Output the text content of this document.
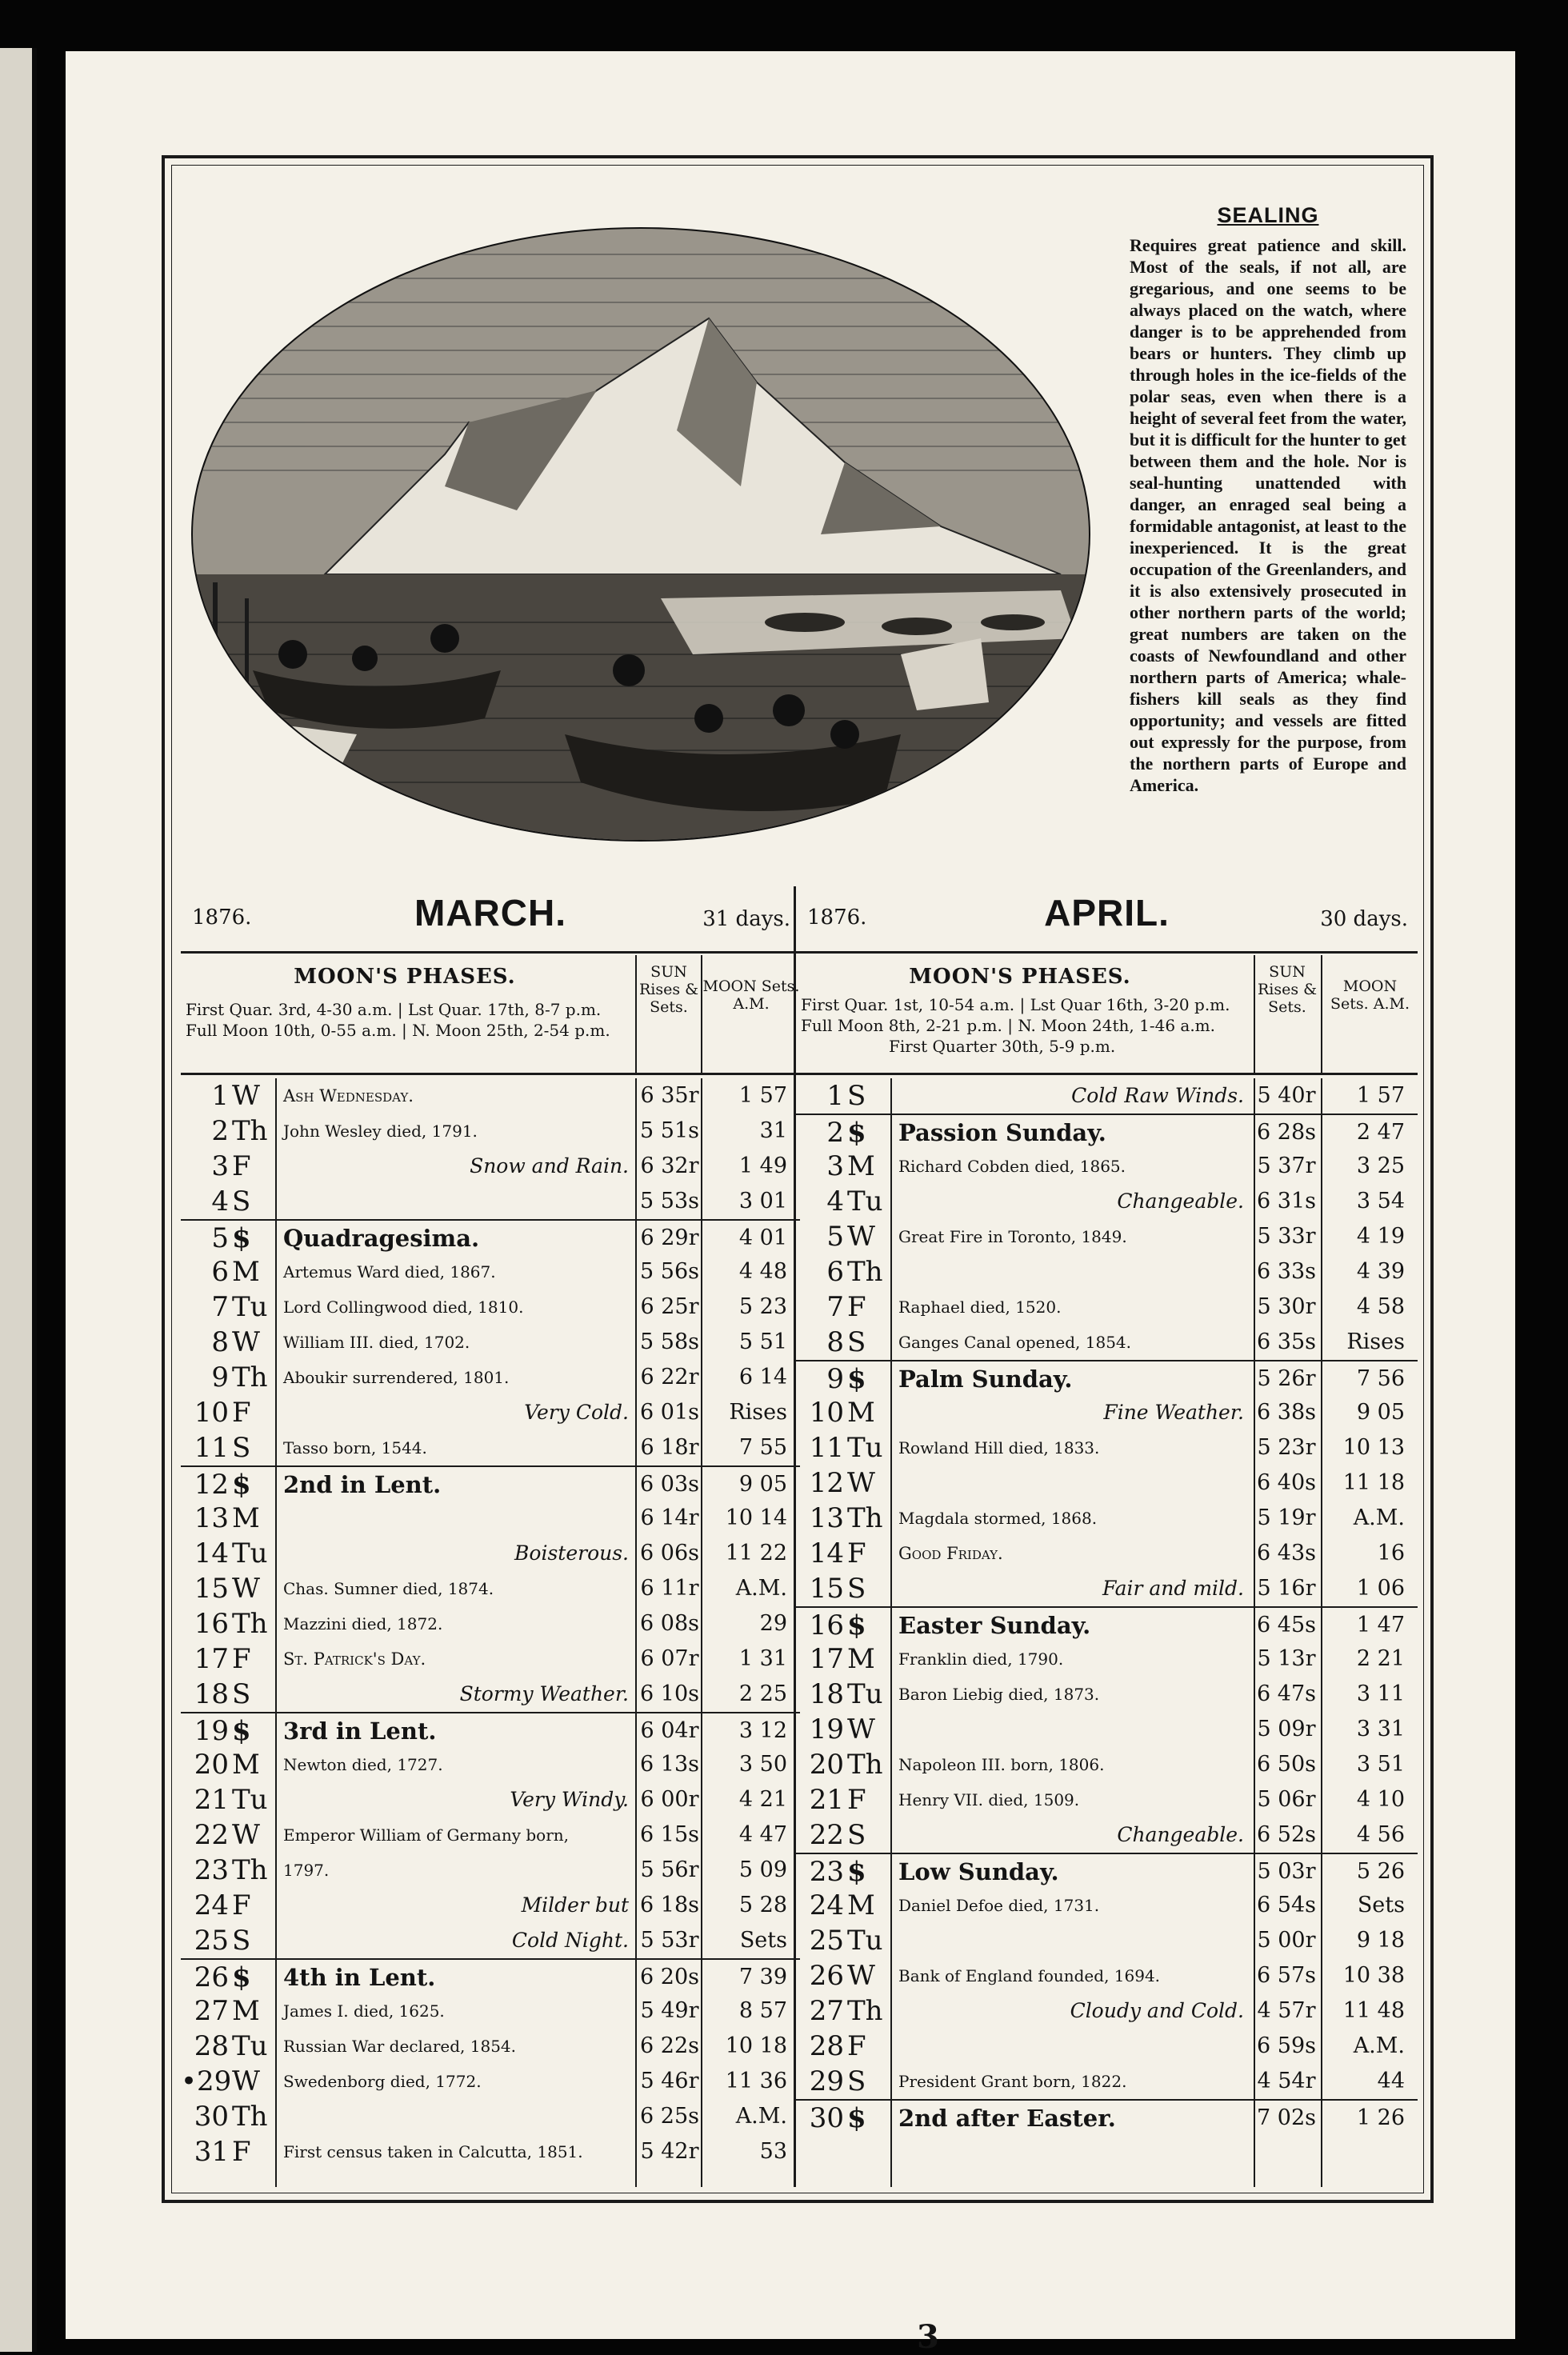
SEALING
Requires great patience and skill. Most of the seals, if not all, are gregarious, and one seems to be always placed on the watch, where danger is to be apprehended from bears or hunters. They climb up through holes in the ice-fields of the polar seas, even when there is a height of several feet from the water, but it is difficult for the hunter to get between them and the hole. Nor is seal-hunting unattended with danger, an enraged seal being a formidable antagonist, at least to the inexperienced. It is the great occupation of the Greenlanders, and it is also extensively prosecuted in other northern parts of the world; great numbers are taken on the coasts of Newfoundland and other northern parts of America; whale-fishers kill seals as they find opportunity; and vessels are fitted out expressly for the purpose, from the northern parts of Europe and America.
1876.	MARCH.	31 days.
MOON'S PHASES.
First Quar. 3rd, 4-30 a.m. | Lst Quar. 17th, 8-7 p.m.
Full Moon 10th, 0-55 a.m. | N. Moon 25th, 2-54 p.m.
SUN Rises & Sets.
MOON Sets. A.M.
1 W	Ash Wednesday.	6 35r	1 57
2 Th John Wesley died, 1791.	5 51s	31
3 F	Snow and Rain. 6 32r	1 49
4 S	5 53s	3 01
5 $	Quadragesima.	6 29r	4 01
6 M	Artemus Ward died, 1867.	5 56s	4 48
7 Tu Lord Collingwood died, 1810.	6 25r	5 23
8 W	William III. died, 1702.	5 58s	5 51
9 Th Aboukir surrendered, 1801.	6 22r	6 14
10 F	Very Cold. 6 01s	Rises
11 S	Tasso born, 1544.	6 18r	7 55
12 $	2nd in Lent.	6 03s	9 05
13 M	6 14r	10 14
14 Tu	Boisterous. 6 06s	11 22
15 W	Chas. Sumner died, 1874.	6 11r	A.M.
16 Th Mazzini died, 1872.	6 08s	29
17 F	St. Patrick's Day.	6 07r	1 31
18 S	Stormy Weather. 6 10s	2 25
19 $	3rd in Lent.	6 04r	3 12
20 M	Newton died, 1727.	6 13s	3 50
21 Tu	Very Windy. 6 00r	4 21
22 W	Emperor William of Germany born,	6 15s	4 47
23 Th 1797.	5 56r	5 09
24 F	Milder but 6 18s	5 28
25 S	Cold Night. 5 53r	Sets
26 $	4th in Lent.	6 20s	7 39
27 M	James I. died, 1625.	5 49r	8 57
28 Tu Russian War declared, 1854.	6 22s	10 18
•29 W	Swedenborg died, 1772.	5 46r	11 36
30 Th	6 25s	A.M.
31 F	First census taken in Calcutta, 1851.	5 42r	53
1876.	APRIL.	30 days.
MOON'S PHASES.
First Quar. 1st, 10-54 a.m. | Lst Quar 16th, 3-20 p.m.
Full Moon 8th, 2-21 p.m. | N. Moon 24th, 1-46 a.m.
First Quarter 30th, 5-9 p.m.
SUN Rises & Sets.
MOON Sets. A.M.
1 S	Cold Raw Winds. 5 40r	1 57
2 $	Passion Sunday.	6 28s	2 47
3 M	Richard Cobden died, 1865.	5 37r	3 25
4 Tu	Changeable. 6 31s	3 54
5 W	Great Fire in Toronto, 1849.	5 33r	4 19
6 Th	6 33s	4 39
7 F	Raphael died, 1520.	5 30r	4 58
8 S	Ganges Canal opened, 1854.	6 35s	Rises
9 $	Palm Sunday.	5 26r	7 56
10 M	Fine Weather. 6 38s	9 05
11 Tu Rowland Hill died, 1833.	5 23r	10 13
12 W	6 40s	11 18
13 Th Magdala stormed, 1868.	5 19r	A.M.
14 F	Good Friday.	6 43s	16
15 S	Fair and mild. 5 16r	1 06
16 $	Easter Sunday.	6 45s	1 47
17 M	Franklin died, 1790.	5 13r	2 21
18 Tu Baron Liebig died, 1873.	6 47s	3 11
19 W	5 09r	3 31
20 Th Napoleon III. born, 1806.	6 50s	3 51
21 F	Henry VII. died, 1509.	5 06r	4 10
22 S	Changeable. 6 52s	4 56
23 $	Low Sunday.	5 03r	5 26
24 M	Daniel Defoe died, 1731.	6 54s	Sets
25 Tu	5 00r	9 18
26 W	Bank of England founded, 1694.	6 57s	10 38
27 Th	Cloudy and Cold. 4 57r	11 48
28 F	6 59s	A.M.
29 S	President Grant born, 1822.	4 54r	44
30 $	2nd after Easter.	7 02s	1 26
3
